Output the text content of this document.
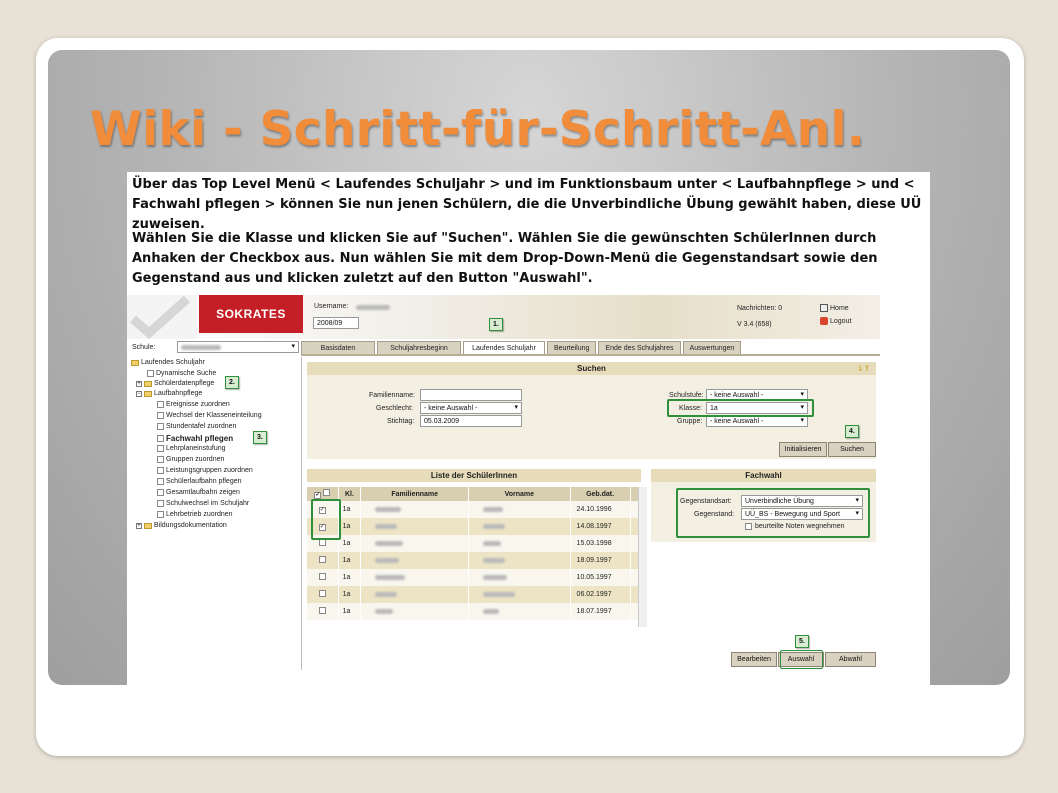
Wiki - Schritt-für-Schritt-Anl.
Über das Top Level Menü < Laufendes Schuljahr > und im Funktionsbaum unter < Laufbahnpflege > und < Fachwahl pflegen > können Sie nun jenen Schülern, die die Unverbindliche Übung gewählt haben, diese UÜ zuweisen.
Wählen Sie die Klasse und klicken Sie auf "Suchen". Wählen Sie die gewünschten SchülerInnen durch Anhaken der Checkbox aus. Nun wählen Sie mit dem Drop-Down-Menü die Gegenstandsart sowie den Gegenstand aus und klicken zuletzt auf den Button "Auswahl".
SOKRATES
Username:
2008/09
Nachrichten: 0
V 3.4 (658)
Home
Logout
Schule: ▾	Basisdaten	Schuljahresbeginn	Laufendes Schuljahr	Beurteilung	Ende des Schuljahres	Auswertungen
Laufendes Schuljahr
Dynamische Suche
+ Schülerdatenpflege
− Laufbahnpflege
Ereignisse zuordnen
Wechsel der Klasseneinteilung
Stundentafel zuordnen
Fachwahl pflegen
Lehrplaneinstufung
Gruppen zuordnen
Leistungsgruppen zuordnen
Schülerlaufbahn pflegen
Gesamtlaufbahn zeigen
Schulwechsel im Schuljahr
Lehrbetrieb zuordnen
+ Bildungsdokumentation
Suchen	⇓⇑
Familienname:
Geschlecht:	- keine Auswahl - ▾
Stichtag:	05.03.2009
Schulstufe: - keine Auswahl - ▾
Klasse:	1a ▾
Gruppe:	- keine Auswahl - ▾
Initialisieren	Suchen
Liste der SchülerInnen
✓	Kl.	Familienname	Vorname	Geb.dat.	
✓	1a			24.10.1996	
✓	1a			14.08.1997	
	1a			15.03.1998	
	1a			18.09.1997	
	1a			10.05.1997	
	1a			06.02.1997	
	1a			18.07.1997	
Fachwahl
Gegenstandsart:	Unverbindliche Übung ▾
Gegenstand:	UÜ_BS - Bewegung und Sport ▾
beurteilte Noten wegnehmen
Bearbeiten	Auswahl	Abwahl
1.
2.
3.
4.
5.
